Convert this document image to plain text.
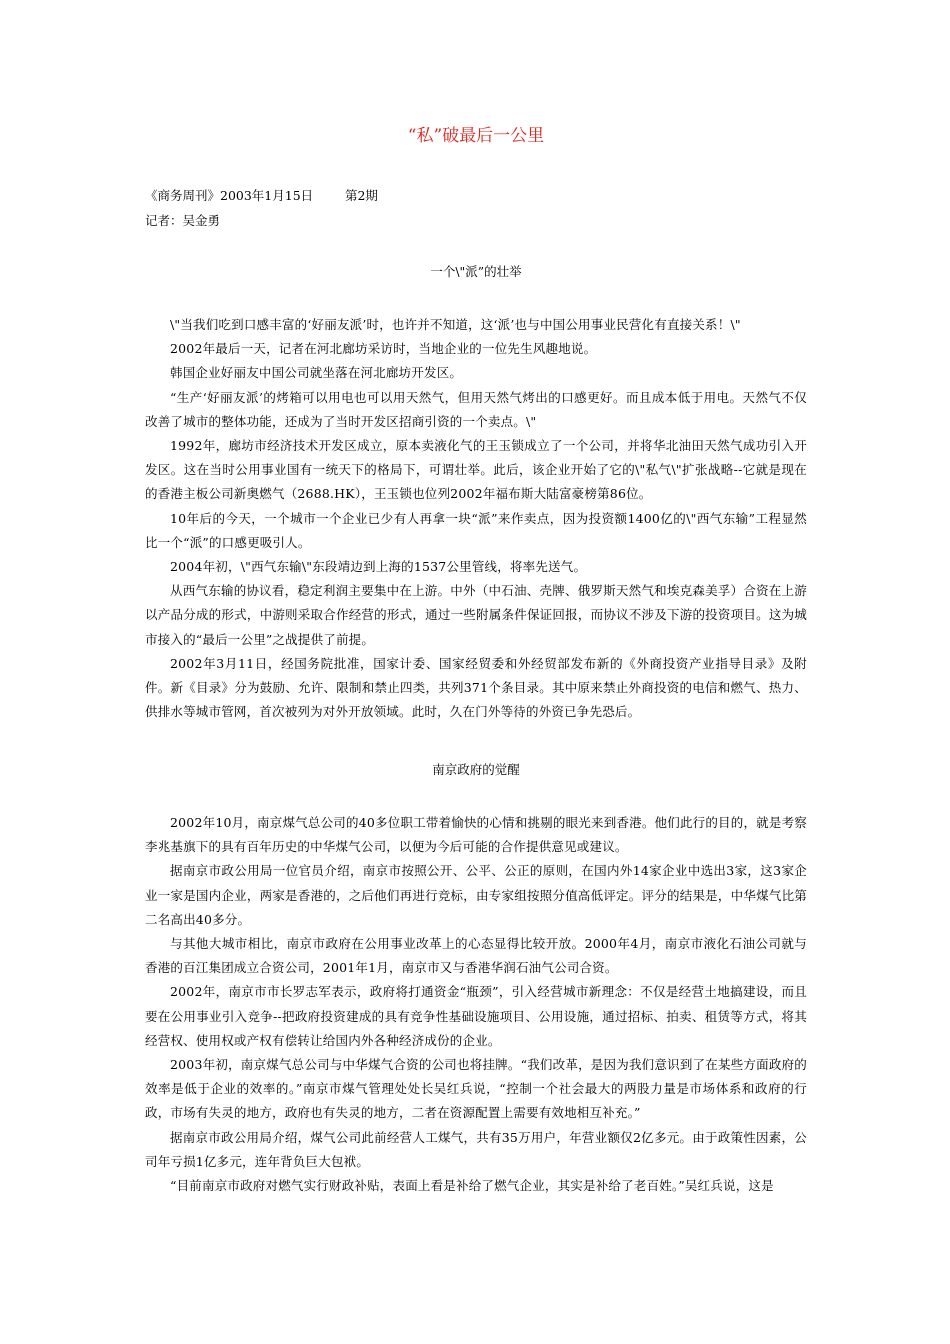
“私”破最后一公里

《商务周刊》2003年1月15日        第2期

记者：吴金勇

一个\"派”的壮举

\"当我们吃到口感丰富的‘好丽友派’时，也许并不知道，这‘派’也与中国公用事业民营化有直接关系！\"

2002年最后一天，记者在河北廊坊采访时，当地企业的一位先生风趣地说。

韩国企业好丽友中国公司就坐落在河北廊坊开发区。

“生产‘好丽友派’的烤箱可以用电也可以用天然气，但用天然气烤出的口感更好。而且成本低于用电。天然气不仅改善了城市的整体功能，还成为了当时开发区招商引资的一个卖点。\"

1992年，廊坊市经济技术开发区成立，原本卖液化气的王玉锁成立了一个公司，并将华北油田天然气成功引入开发区。这在当时公用事业国有一统天下的格局下，可谓壮举。此后，该企业开始了它的\"私气\"扩张战略--它就是现在的香港主板公司新奥燃气（2688.HK），王玉锁也位列2002年福布斯大陆富豪榜第86位。

10年后的今天，一个城市一个企业已少有人再拿一块“派”来作卖点，因为投资额1400亿的\"西气东输”工程显然比一个“派”的口感更吸引人。

2004年初，\"西气东输\"东段靖边到上海的1537公里管线，将率先送气。

从西气东输的协议看，稳定利润主要集中在上游。中外（中石油、壳牌、俄罗斯天然气和埃克森美孚）合资在上游以产品分成的形式，中游则采取合作经营的形式，通过一些附属条件保证回报，而协议不涉及下游的投资项目。这为城市接入的“最后一公里”之战提供了前提。

2002年3月11日，经国务院批准，国家计委、国家经贸委和外经贸部发布新的《外商投资产业指导目录》及附件。新《目录》分为鼓励、允许、限制和禁止四类，共列371个条目录。其中原来禁止外商投资的电信和燃气、热力、供排水等城市管网，首次被列为对外开放领域。此时，久在门外等待的外资已争先恐后。

南京政府的觉醒

2002年10月，南京煤气总公司的40多位职工带着愉快的心情和挑剔的眼光来到香港。他们此行的目的，就是考察李兆基旗下的具有百年历史的中华煤气公司，以便为今后可能的合作提供意见或建议。

据南京市政公用局一位官员介绍，南京市按照公开、公平、公正的原则，在国内外14家企业中选出3家，这3家企业一家是国内企业，两家是香港的，之后他们再进行竞标，由专家组按照分值高低评定。评分的结果是，中华煤气比第二名高出40多分。

与其他大城市相比，南京市政府在公用事业改革上的心态显得比较开放。2000年4月，南京市液化石油公司就与香港的百江集团成立合资公司，2001年1月，南京市又与香港华润石油气公司合资。

2002年，南京市市长罗志军表示，政府将打通资金“瓶颈”，引入经营城市新理念：不仅是经营土地搞建设，而且要在公用事业引入竞争--把政府投资建成的具有竞争性基础设施项目、公用设施，通过招标、拍卖、租赁等方式，将其经营权、使用权或产权有偿转让给国内外各种经济成份的企业。

2003年初，南京煤气总公司与中华煤气合资的公司也将挂牌。“我们改革，是因为我们意识到了在某些方面政府的效率是低于企业的效率的。”南京市煤气管理处处长吴红兵说，“控制一个社会最大的两股力量是市场体系和政府的行政，市场有失灵的地方，政府也有失灵的地方，二者在资源配置上需要有效地相互补充。”

据南京市政公用局介绍，煤气公司此前经营人工煤气，共有35万用户，年营业额仅2亿多元。由于政策性因素，公司年亏损1亿多元，连年背负巨大包袱。

“目前南京市政府对燃气实行财政补贴，表面上看是补给了燃气企业，其实是补给了老百姓。”吴红兵说，这是
